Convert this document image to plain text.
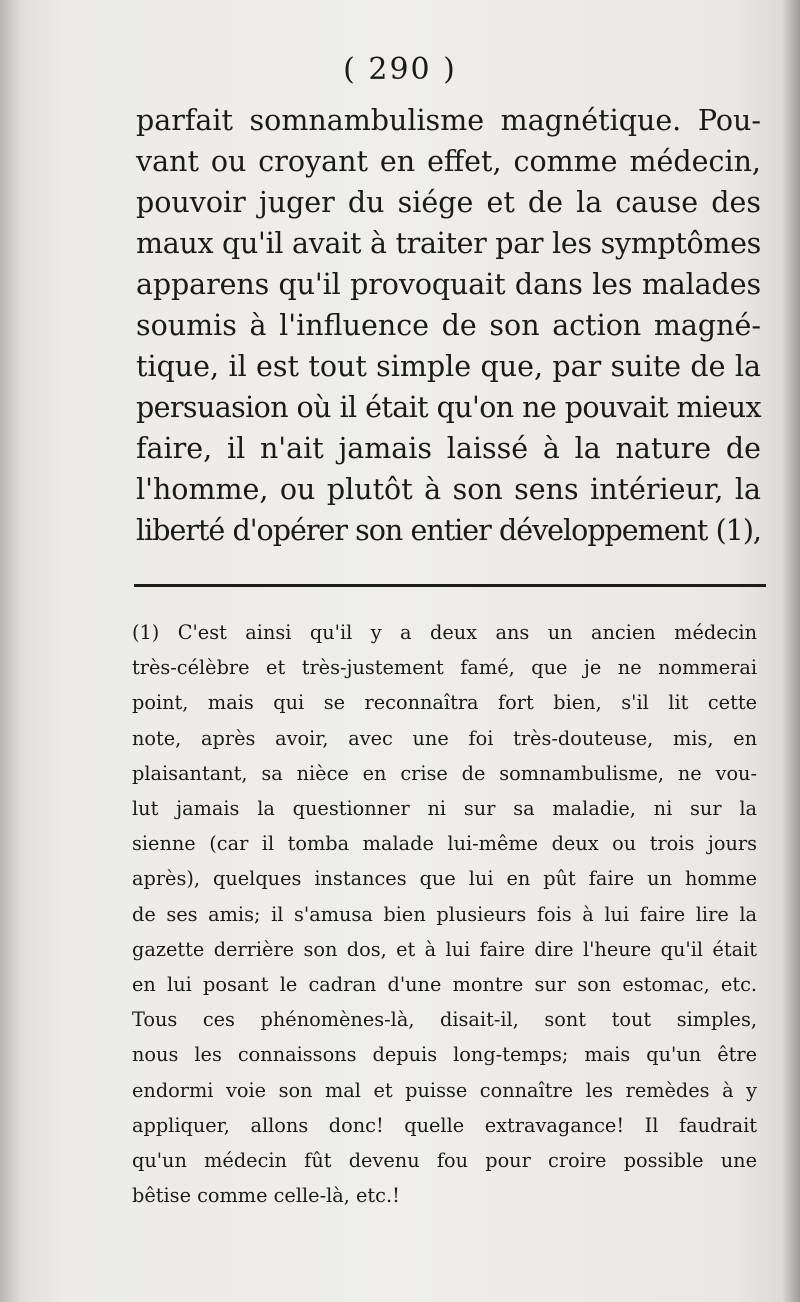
( 290 )
parfait somnambulisme magnétique. Pou-
vant ou croyant en effet, comme médecin,
pouvoir juger du siége et de la cause des
maux qu'il avait à traiter par les symptômes
apparens qu'il provoquait dans les malades
soumis à l'influence de son action magné-
tique, il est tout simple que, par suite de la
persuasion où il était qu'on ne pouvait mieux
faire, il n'ait jamais laissé à la nature de
l'homme, ou plutôt à son sens intérieur, la
liberté d'opérer son entier développement (1),
(1) C'est ainsi qu'il y a deux ans un ancien médecin
très-célèbre et très-justement famé, que je ne nommerai
point, mais qui se reconnaîtra fort bien, s'il lit cette
note, après avoir, avec une foi très-douteuse, mis, en
plaisantant, sa nièce en crise de somnambulisme, ne vou-
lut jamais la questionner ni sur sa maladie, ni sur la
sienne (car il tomba malade lui-même deux ou trois jours
après), quelques instances que lui en pût faire un homme
de ses amis; il s'amusa bien plusieurs fois à lui faire lire la
gazette derrière son dos, et à lui faire dire l'heure qu'il était
en lui posant le cadran d'une montre sur son estomac, etc.
Tous ces phénomènes-là, disait-il, sont tout simples,
nous les connaissons depuis long-temps; mais qu'un être
endormi voie son mal et puisse connaître les remèdes à y
appliquer, allons donc! quelle extravagance! Il faudrait
qu'un médecin fût devenu fou pour croire possible une
bêtise comme celle-là, etc.!
